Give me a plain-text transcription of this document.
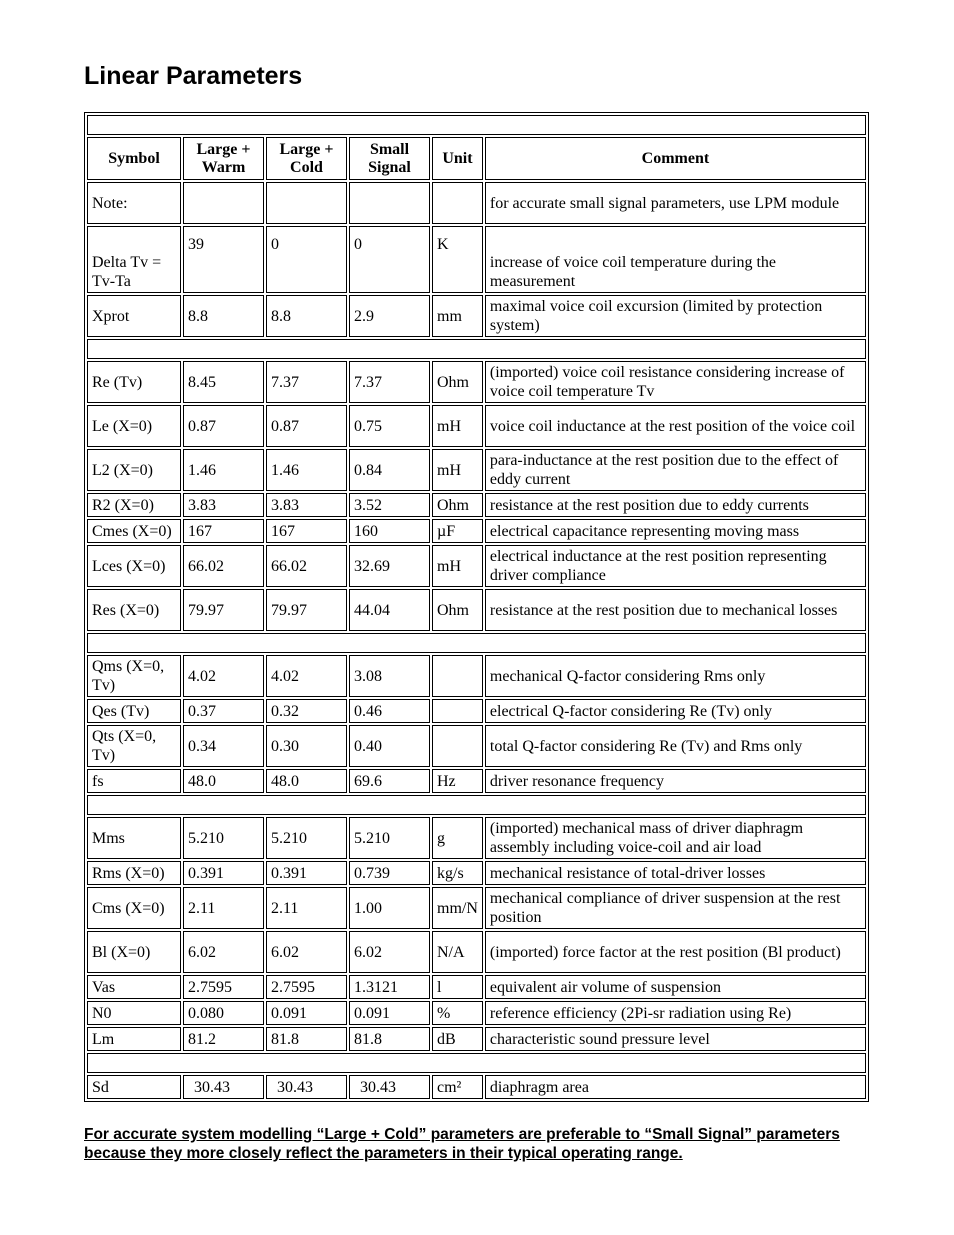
Linear Parameters

Symbol	Large + Warm	Large + Cold	Small Signal	Unit	Comment
Note:					for accurate small signal parameters, use LPM module
Delta Tv = Tv-Ta	39	0	0	K	increase of voice coil temperature during the measurement
Xprot	8.8	8.8	2.9	mm	maximal voice coil excursion (limited by protection system)

Re (Tv)	8.45	7.37	7.37	Ohm	(imported) voice coil resistance considering increase of voice coil temperature Tv
Le (X=0)	0.87	0.87	0.75	mH	voice coil inductance at the rest position of the voice coil
L2 (X=0)	1.46	1.46	0.84	mH	para-inductance at the rest position due to the effect of eddy current
R2 (X=0)	3.83	3.83	3.52	Ohm	resistance at the rest position due to eddy currents
Cmes (X=0)	167	167	160	µF	electrical capacitance representing moving mass
Lces (X=0)	66.02	66.02	32.69	mH	electrical inductance at the rest position representing driver compliance
Res (X=0)	79.97	79.97	44.04	Ohm	resistance at the rest position due to mechanical losses

Qms (X=0, Tv)	4.02	4.02	3.08		mechanical Q-factor considering Rms only
Qes (Tv)	0.37	0.32	0.46		electrical Q-factor considering Re (Tv) only
Qts (X=0, Tv)	0.34	0.30	0.40		total Q-factor considering Re (Tv) and Rms only
fs	48.0	48.0	69.6	Hz	driver resonance frequency

Mms	5.210	5.210	5.210	g	(imported) mechanical mass of driver diaphragm assembly including voice-coil and air load
Rms (X=0)	0.391	0.391	0.739	kg/s	mechanical resistance of total-driver losses
Cms (X=0)	2.11	2.11	1.00	mm/N	mechanical compliance of driver suspension at the rest position
Bl (X=0)	6.02	6.02	6.02	N/A	(imported) force factor at the rest position (Bl product)
Vas	2.7595	2.7595	1.3121	l	equivalent air volume of suspension
N0	0.080	0.091	0.091	%	reference efficiency (2Pi-sr radiation using Re)
Lm	81.2	81.8	81.8	dB	characteristic sound pressure level

Sd	30.43	30.43	30.43	cm²	diaphragm area

For accurate system modelling “Large + Cold” parameters are preferable to “Small Signal” parameters because they more closely reflect the parameters in their typical operating range.
